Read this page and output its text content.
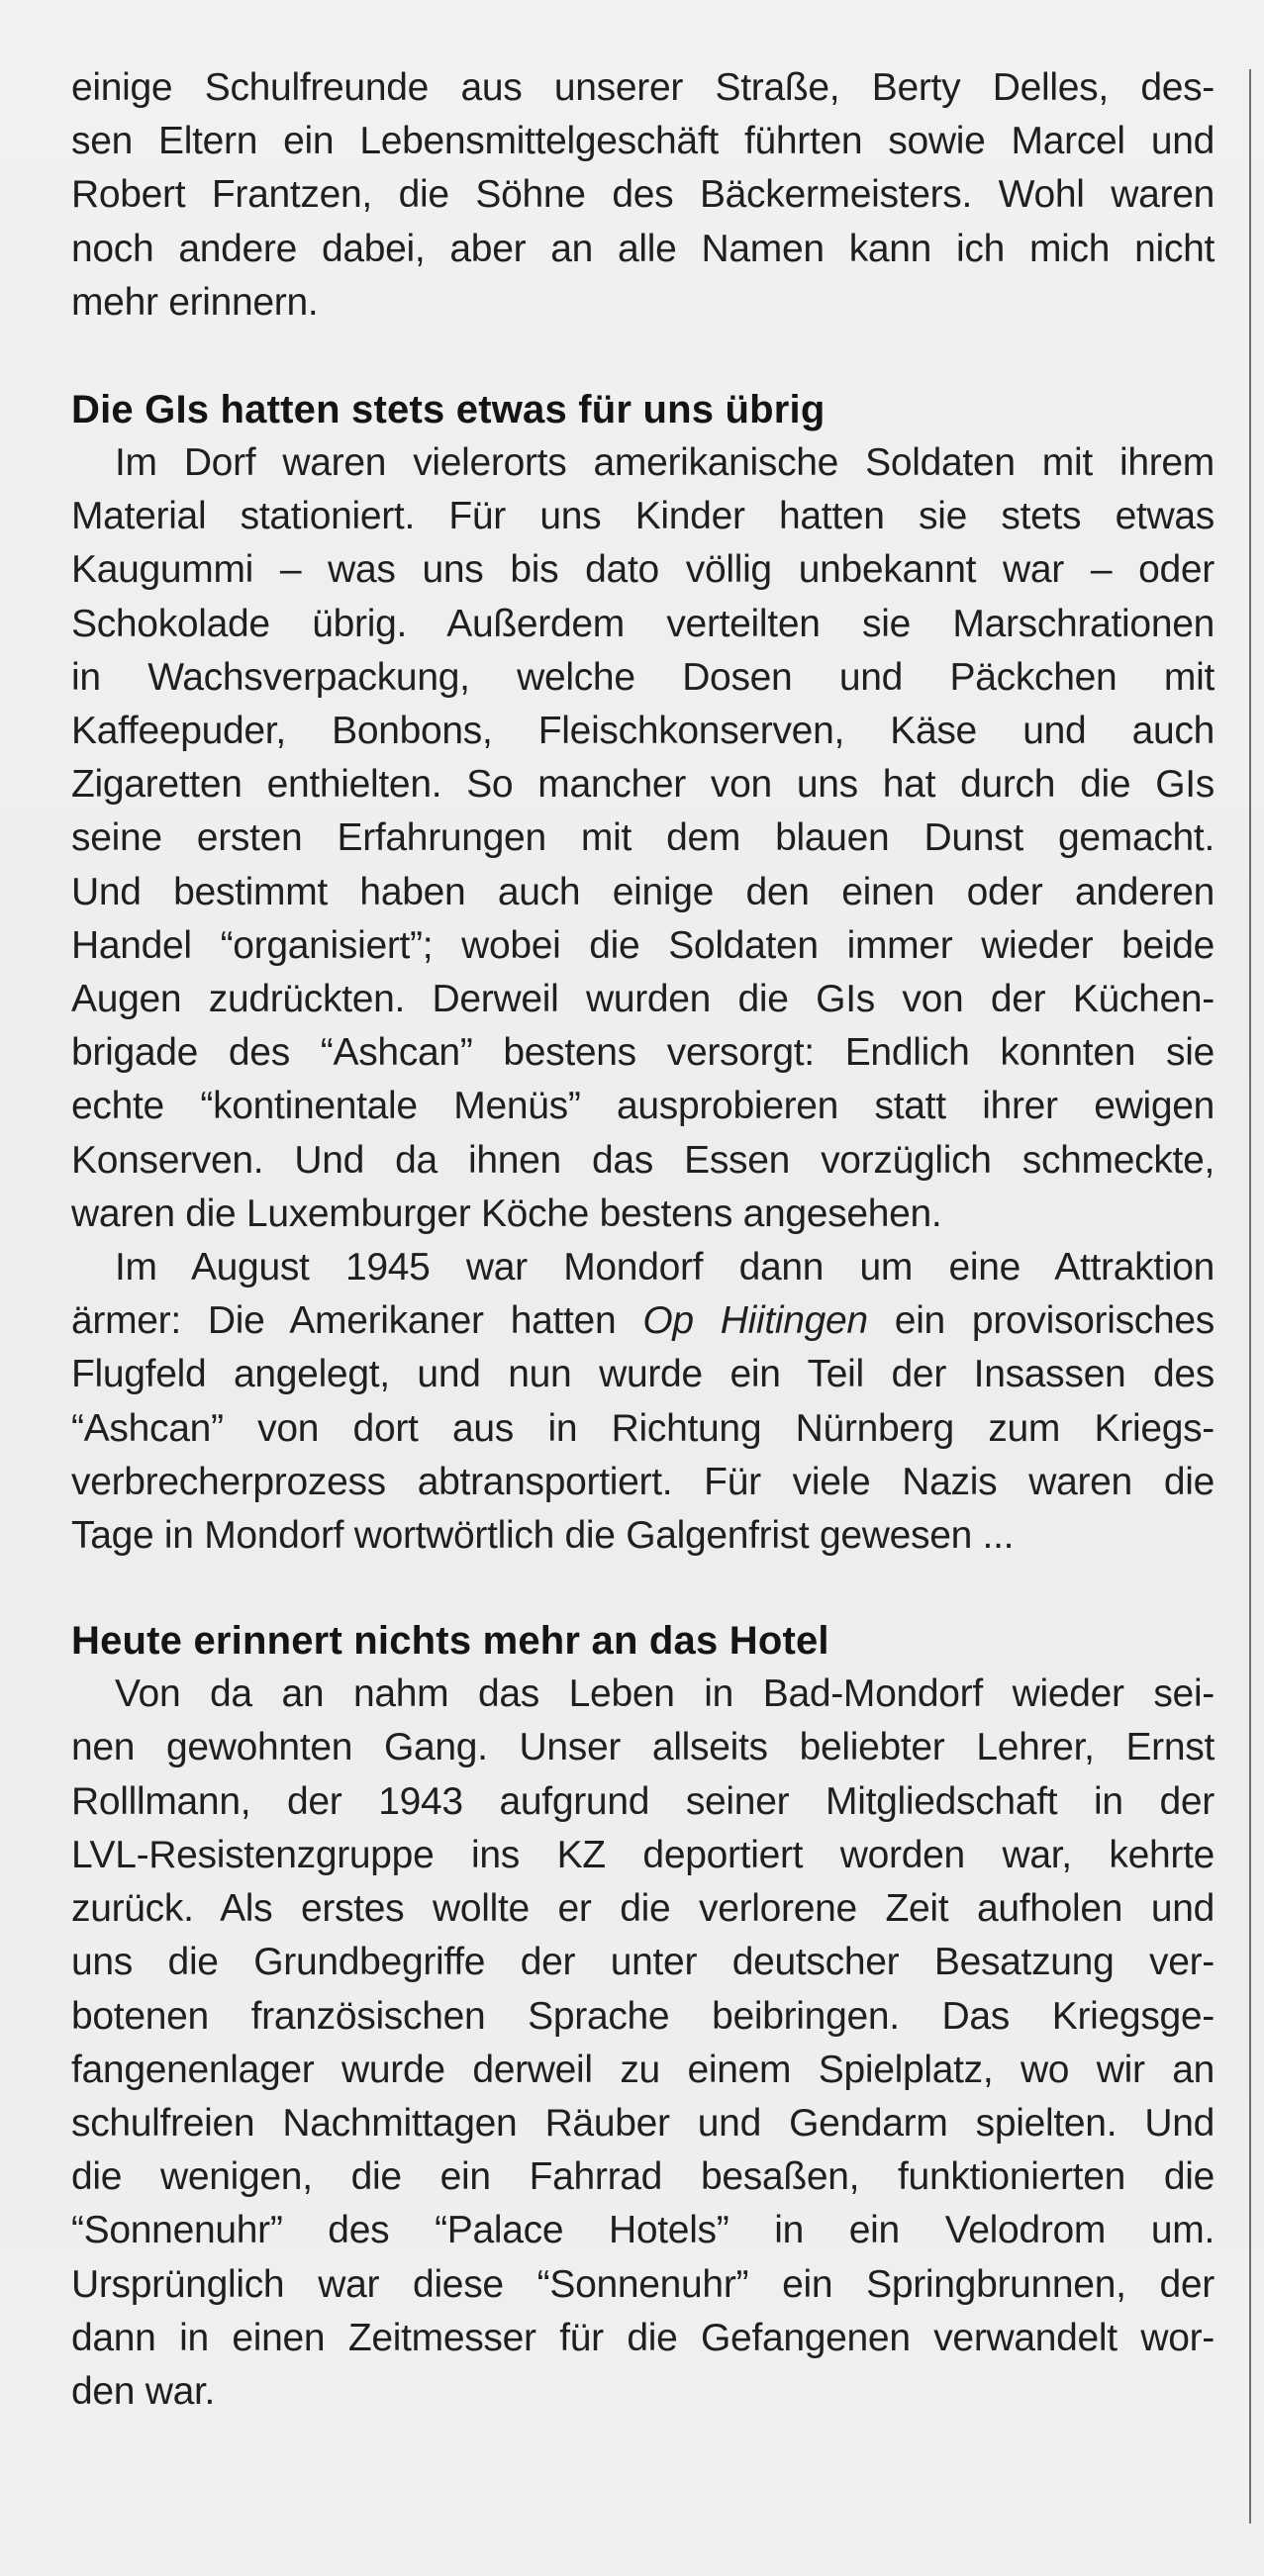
einige Schulfreunde aus unserer Straße, Berty Delles, des-
sen Eltern ein Lebensmittelgeschäft führten sowie Marcel und
Robert Frantzen, die Söhne des Bäckermeisters. Wohl waren
noch andere dabei, aber an alle Namen kann ich mich nicht
mehr erinnern.

Die GIs hatten stets etwas für uns übrig

Im Dorf waren vielerorts amerikanische Soldaten mit ihrem
Material stationiert. Für uns Kinder hatten sie stets etwas
Kaugummi – was uns bis dato völlig unbekannt war – oder
Schokolade übrig. Außerdem verteilten sie Marschrationen
in Wachsverpackung, welche Dosen und Päckchen mit
Kaffeepuder, Bonbons, Fleischkonserven, Käse und auch
Zigaretten enthielten. So mancher von uns hat durch die GIs
seine ersten Erfahrungen mit dem blauen Dunst gemacht.
Und bestimmt haben auch einige den einen oder anderen
Handel “organisiert”; wobei die Soldaten immer wieder beide
Augen zudrückten. Derweil wurden die GIs von der Küchen-
brigade des “Ashcan” bestens versorgt: Endlich konnten sie
echte “kontinentale Menüs” ausprobieren statt ihrer ewigen
Konserven. Und da ihnen das Essen vorzüglich schmeckte,
waren die Luxemburger Köche bestens angesehen.

Im August 1945 war Mondorf dann um eine Attraktion
ärmer: Die Amerikaner hatten Op Hiitingen ein provisorisches
Flugfeld angelegt, und nun wurde ein Teil der Insassen des
“Ashcan” von dort aus in Richtung Nürnberg zum Kriegs-
verbrecherprozess abtransportiert. Für viele Nazis waren die
Tage in Mondorf wortwörtlich die Galgenfrist gewesen ...

Heute erinnert nichts mehr an das Hotel

Von da an nahm das Leben in Bad-Mondorf wieder sei-
nen gewohnten Gang. Unser allseits beliebter Lehrer, Ernst
Rolllmann, der 1943 aufgrund seiner Mitgliedschaft in der
LVL-Resistenzgruppe ins KZ deportiert worden war, kehrte
zurück. Als erstes wollte er die verlorene Zeit aufholen und
uns die Grundbegriffe der unter deutscher Besatzung ver-
botenen französischen Sprache beibringen. Das Kriegsge-
fangenenlager wurde derweil zu einem Spielplatz, wo wir an
schulfreien Nachmittagen Räuber und Gendarm spielten. Und
die wenigen, die ein Fahrrad besaßen, funktionierten die
“Sonnenuhr” des “Palace Hotels” in ein Velodrom um.
Ursprünglich war diese “Sonnenuhr” ein Springbrunnen, der
dann in einen Zeitmesser für die Gefangenen verwandelt wor-
den war.
